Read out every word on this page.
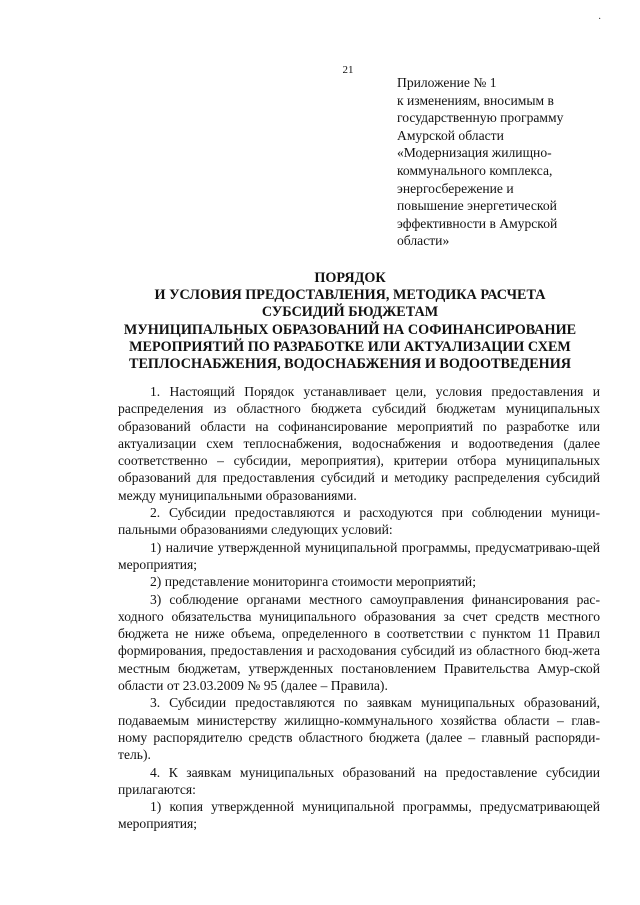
·
21
Приложение № 1
к изменениям, вносимым в
государственную программу
Амурской области
«Модернизация жилищно-
коммунального комплекса,
энергосбережение и
повышение энергетической
эффективности в Амурской
области»
ПОРЯДОК
И УСЛОВИЯ ПРЕДОСТАВЛЕНИЯ, МЕТОДИКА РАСЧЕТА
СУБСИДИЙ БЮДЖЕТАМ
МУНИЦИПАЛЬНЫХ ОБРАЗОВАНИЙ НА СОФИНАНСИРОВАНИЕ
МЕРОПРИЯТИЙ ПО РАЗРАБОТКЕ ИЛИ АКТУАЛИЗАЦИИ СХЕМ
ТЕПЛОСНАБЖЕНИЯ, ВОДОСНАБЖЕНИЯ И ВОДООТВЕДЕНИЯ

1. Настоящий Порядок устанавливает цели, условия предоставления и распределения из областного бюджета субсидий бюджетам муниципальных образований области на софинансирование мероприятий по разработке или актуализации схем теплоснабжения, водоснабжения и водоотведения (далее соответственно – субсидии, мероприятия), критерии отбора муниципальных образований для предоставления субсидий и методику распределения субсидий между муниципальными образованиями.

2. Субсидии предоставляются и расходуются при соблюдении муници-пальными образованиями следующих условий:

1) наличие утвержденной муниципальной программы, предусматриваю-щей мероприятия;

2) представление мониторинга стоимости мероприятий;

3) соблюдение органами местного самоуправления финансирования рас-ходного обязательства муниципального образования за счет средств местного бюджета не ниже объема, определенного в соответствии с пунктом 11 Правил формирования, предоставления и расходования субсидий из областного бюд-жета местным бюджетам, утвержденных постановлением Правительства Амур-ской области от 23.03.2009 № 95 (далее – Правила).

3. Субсидии предоставляются по заявкам муниципальных образований, подаваемым министерству жилищно-коммунального хозяйства области – глав-ному распорядителю средств областного бюджета (далее – главный распоряди-тель).

4. К заявкам муниципальных образований на предоставление субсидии прилагаются:

1) копия утвержденной муниципальной программы, предусматривающей мероприятия;
